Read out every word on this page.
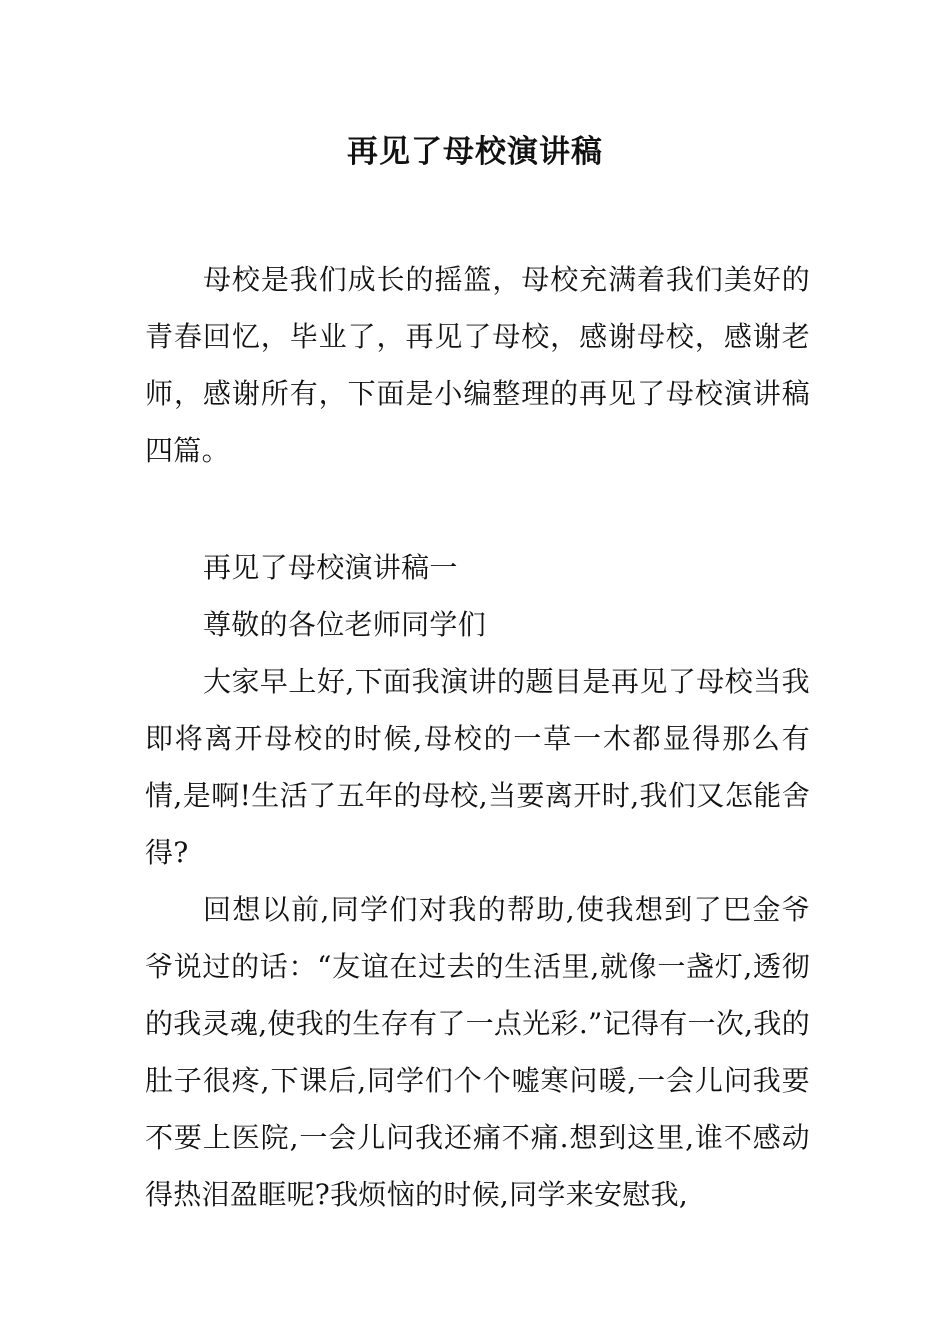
再见了母校演讲稿

母校是我们成长的摇篮，母校充满着我们美好的青春回忆，毕业了，再见了母校，感谢母校，感谢老师，感谢所有，下面是小编整理的再见了母校演讲稿四篇。

再见了母校演讲稿一

尊敬的各位老师同学们

大家早上好,下面我演讲的题目是再见了母校当我即将离开母校的时候,母校的一草一木都显得那么有情,是啊!生活了五年的母校,当要离开时,我们又怎能舍得?

回想以前,同学们对我的帮助,使我想到了巴金爷爷说过的话：“友谊在过去的生活里,就像一盏灯,透彻的我灵魂,使我的生存有了一点光彩.”记得有一次,我的肚子很疼,下课后,同学们个个嘘寒问暖,一会儿问我要不要上医院,一会儿问我还痛不痛.想到这里,谁不感动得热泪盈眶呢?我烦恼的时候,同学来安慰我,
